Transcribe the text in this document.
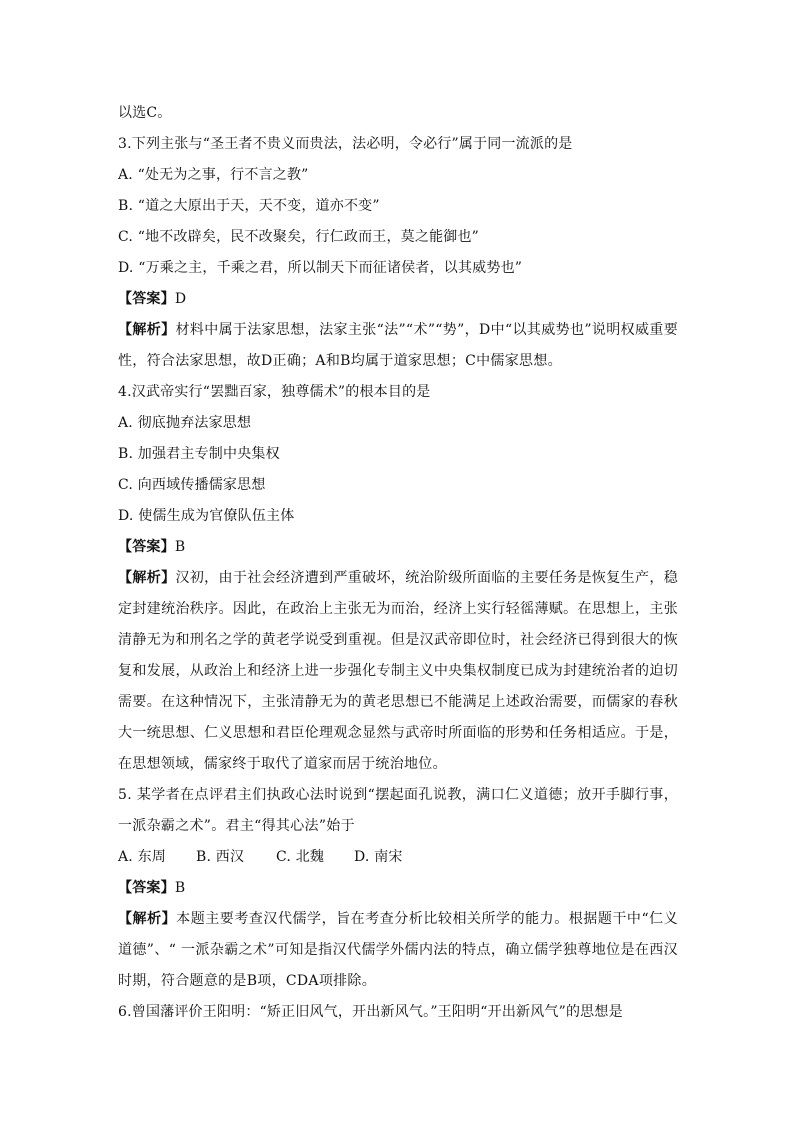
以选C。
3.下列主张与“圣王者不贵义而贵法，法必明，令必行”属于同一流派的是
A. “处无为之事，行不言之教”
B. “道之大原出于天，天不变，道亦不变”
C. “地不改辟矣，民不改聚矣，行仁政而王，莫之能御也”
D. “万乘之主，千乘之君，所以制天下而征诸侯者，以其威势也”
【答案】D
【解析】材料中属于法家思想，法家主张“法”“术”“势”，D中“以其威势也”说明权威重要性，符合法家思想，故D正确；A和B均属于道家思想；C中儒家思想。
4.汉武帝实行“罢黜百家，独尊儒术”的根本目的是
A. 彻底抛弃法家思想
B. 加强君主专制中央集权
C. 向西域传播儒家思想
D. 使儒生成为官僚队伍主体
【答案】B
【解析】汉初，由于社会经济遭到严重破坏，统治阶级所面临的主要任务是恢复生产，稳定封建统治秩序。因此，在政治上主张无为而治，经济上实行轻徭薄赋。在思想上，主张清静无为和刑名之学的黄老学说受到重视。但是汉武帝即位时，社会经济已得到很大的恢复和发展，从政治上和经济上进一步强化专制主义中央集权制度已成为封建统治者的迫切需要。在这种情况下，主张清静无为的黄老思想已不能满足上述政治需要，而儒家的春秋大一统思想、仁义思想和君臣伦理观念显然与武帝时所面临的形势和任务相适应。于是，在思想领域，儒家终于取代了道家而居于统治地位。
5. 某学者在点评君主们执政心法时说到“摆起面孔说教，满口仁义道德；放开手脚行事，一派杂霸之术”。君主“得其心法”始于
A. 东周 B. 西汉 C. 北魏 D. 南宋
【答案】B
【解析】本题主要考查汉代儒学，旨在考查分析比较相关所学的能力。根据题干中“仁义道德”、“ 一派杂霸之术”可知是指汉代儒学外儒内法的特点，确立儒学独尊地位是在西汉时期，符合题意的是B项，CDA项排除。
6.曾国藩评价王阳明：“矫正旧风气，开出新风气。”王阳明“开出新风气”的思想是
